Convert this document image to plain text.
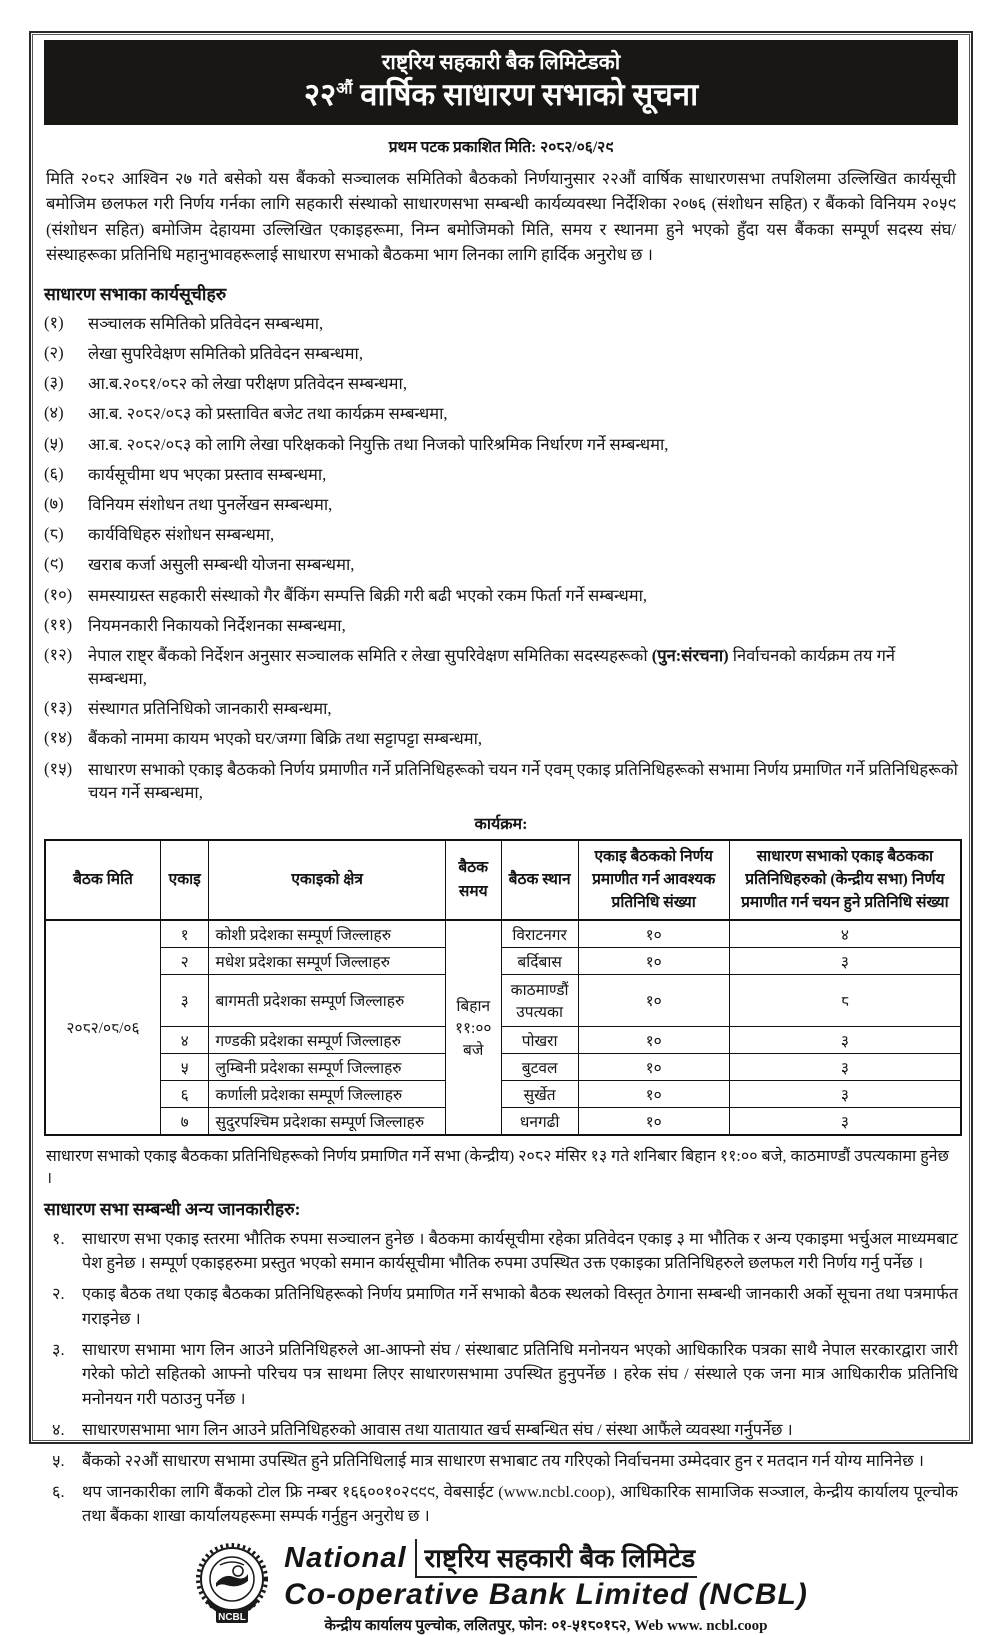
राष्ट्रिय सहकारी बैक लिमिटेडको
$२२^{औं}$ वार्षिक साधारण सभाको सूचना
प्रथम पटक प्रकाशित मिति: २०८२/०६/२९

मिति २०८२ आश्विन २७ गते बसेको यस बैंकको सञ्चालक समितिको बैठकको निर्णयानुसार २२औं वार्षिक साधारणसभा तपशिलमा उल्लिखित कार्यसूची बमोजिम छलफल गरी निर्णय गर्नका लागि सहकारी संस्थाको साधारणसभा सम्बन्धी कार्यव्यवस्था निर्देशिका २०७६ (संशोधन सहित) र बैंकको विनियम २०५९ (संशोधन सहित) बमोजिम देहायमा उल्लिखित एकाइहरूमा, निम्न बमोजिमको मिति, समय र स्थानमा हुने भएको हुँदा यस बैंकका सम्पूर्ण सदस्य संघ/संस्थाहरूका प्रतिनिधि महानुभावहरूलाई साधारण सभाको बैठकमा भाग लिनका लागि हार्दिक अनुरोध छ ।

साधारण सभाका कार्यसूचीहरु
(१)	सञ्चालक समितिको प्रतिवेदन सम्बन्धमा,
(२)	लेखा सुपरिवेक्षण समितिको प्रतिवेदन सम्बन्धमा,
(३)	आ.ब.२०८१/०८२ को लेखा परीक्षण प्रतिवेदन सम्बन्धमा,
(४)	आ.ब. २०८२/०८३ को प्रस्तावित बजेट तथा कार्यक्रम सम्बन्धमा,
(५)	आ.ब. २०८२/०८३ को लागि लेखा परिक्षकको नियुक्ति तथा निजको पारिश्रमिक निर्धारण गर्ने सम्बन्धमा,
(६)	कार्यसूचीमा थप भएका प्रस्ताव सम्बन्धमा,
(७)	विनियम संशोधन तथा पुनर्लेखन सम्बन्धमा,
(८)	कार्यविधिहरु संशोधन सम्बन्धमा,
(९)	खराब कर्जा असुली सम्बन्धी योजना सम्बन्धमा,
(१०) समस्याग्रस्त सहकारी संस्थाको गैर बैंकिंग सम्पत्ति बिक्री गरी बढी भएको रकम फिर्ता गर्ने सम्बन्धमा,
(११) नियमनकारी निकायको निर्देशनका सम्बन्धमा,
(१२) नेपाल राष्ट्र बैंकको निर्देशन अनुसार सञ्चालक समिति र लेखा सुपरिवेक्षण समितिका सदस्यहरूको (पुन:संरचना) निर्वाचनको कार्यक्रम तय गर्ने सम्बन्धमा,
(१३) संस्थागत प्रतिनिधिको जानकारी सम्बन्धमा,
(१४) बैंकको नाममा कायम भएको घर/जग्गा बिक्रि तथा सट्टापट्टा सम्बन्धमा,
(१५) साधारण सभाको एकाइ बैठकको निर्णय प्रमाणीत गर्ने प्रतिनिधिहरूको चयन गर्ने एवम् एकाइ प्रतिनिधिहरूको सभामा निर्णय प्रमाणित गर्ने प्रतिनिधिहरूको चयन गर्ने सम्बन्धमा,
कार्यक्रम:
बैठक मिति	एकाइ	एकाइको क्षेत्र	बैठक समय	बैठक स्थान	एकाइ बैठकको निर्णय प्रमाणीत गर्न आवश्यक प्रतिनिधि संख्या	साधारण सभाको एकाइ बैठकका प्रतिनिधिहरुको (केन्द्रीय सभा) निर्णय प्रमाणीत गर्न चयन हुने प्रतिनिधि संख्या
२०८२/०८/०६	१	कोशी प्रदेशका सम्पूर्ण जिल्लाहरु	बिहान ११:०० बजे	विराटनगर	१०	४
	२	मधेश प्रदेशका सम्पूर्ण जिल्लाहरु		बर्दिबास	१०	३
	३	बागमती प्रदेशका सम्पूर्ण जिल्लाहरु		काठमाण्डौं उपत्यका	१०	८
	४	गण्डकी प्रदेशका सम्पूर्ण जिल्लाहरु		पोखरा	१०	३
	५	लुम्बिनी प्रदेशका सम्पूर्ण जिल्लाहरु		बुटवल	१०	३
	६	कर्णाली प्रदेशका सम्पूर्ण जिल्लाहरु		सुर्खेत	१०	३
	७	सुदुरपश्चिम प्रदेशका सम्पूर्ण जिल्लाहरु		धनगढी	१०	३

साधारण सभाको एकाइ बैठकका प्रतिनिधिहरूको निर्णय प्रमाणित गर्ने सभा (केन्द्रीय) २०८२ मंसिर १३ गते शनिबार बिहान ११:०० बजे, काठमाण्डौं उपत्यकामा हुनेछ ।

साधारण सभा सम्बन्धी अन्य जानकारीहरु:
१.	साधारण सभा एकाइ स्तरमा भौतिक रुपमा सञ्चालन हुनेछ । बैठकमा कार्यसूचीमा रहेका प्रतिवेदन एकाइ ३ मा भौतिक र अन्य एकाइमा भर्चुअल माध्यमबाट पेश हुनेछ । सम्पूर्ण एकाइहरुमा प्रस्तुत भएको समान कार्यसूचीमा भौतिक रुपमा उपस्थित उक्त एकाइका प्रतिनिधिहरुले छलफल गरी निर्णय गर्नु पर्नेछ ।
२.	एकाइ बैठक तथा एकाइ बैठकका प्रतिनिधिहरूको निर्णय प्रमाणित गर्ने सभाको बैठक स्थलको विस्तृत ठेगाना सम्बन्धी जानकारी अर्को सूचना तथा पत्रमार्फत गराइनेछ ।
३.	साधारण सभामा भाग लिन आउने प्रतिनिधिहरुले आ-आफ्नो संघ / संस्थाबाट प्रतिनिधि मनोनयन भएको आधिकारिक पत्रका साथै नेपाल सरकारद्वारा जारी गरेको फोटो सहितको आफ्नो परिचय पत्र साथमा लिएर साधारणसभामा उपस्थित हुनुपर्नेछ । हरेक संघ / संस्थाले एक जना मात्र आधिकारीक प्रतिनिधि मनोनयन गरी पठाउनु पर्नेछ ।
४.	साधारणसभामा भाग लिन आउने प्रतिनिधिहरुको आवास तथा यातायात खर्च सम्बन्धित संघ / संस्था आफैंले व्यवस्था गर्नुपर्नेछ ।
५.	बैंकको २२औं साधारण सभामा उपस्थित हुने प्रतिनिधिलाई मात्र साधारण सभाबाट तय गरिएको निर्वाचनमा उम्मेदवार हुन र मतदान गर्न योग्य मानिनेछ ।
६.	थप जानकारीका लागि बैंकको टोल फ्रि नम्बर १६६००१०२९९९, वेबसाईट (www.ncbl.coop), आधिकारिक सामाजिक सञ्जाल, केन्द्रीय कार्यालय पूल्चोक तथा बैंकका शाखा कार्यालयहरूमा सम्पर्क गर्नुहुन अनुरोध छ ।
NCBL
National राष्ट्रिय सहकारी बैक लिमिटेड
Co-operative Bank Limited (NCBL)
केन्द्रीय कार्यालय पुल्चोक, ललितपुर, फोन: ०१-५१८०१८२, Web www. ncbl.coop
